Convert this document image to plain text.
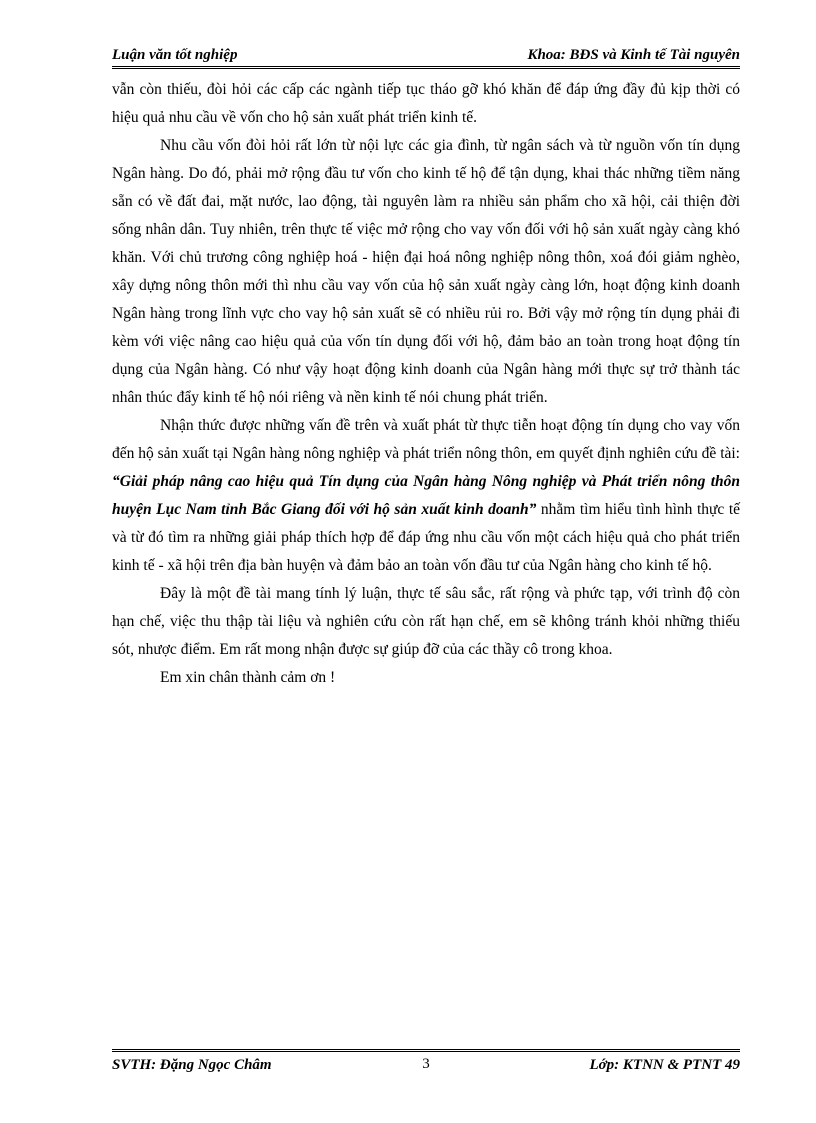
Luận văn tốt nghiệp	Khoa: BĐS và Kinh tế Tài nguyên

vẫn còn thiếu, đòi hỏi các cấp các ngành tiếp tục tháo gỡ khó khăn để đáp ứng đầy đủ kịp thời có hiệu quả nhu cầu về vốn cho hộ sản xuất phát triển kinh tế.

Nhu cầu vốn đòi hỏi rất lớn từ nội lực các gia đình, từ ngân sách và từ nguồn vốn tín dụng Ngân hàng. Do đó, phải mở rộng đầu tư vốn cho kinh tế hộ để tận dụng, khai thác những tiềm năng sẵn có về đất đai, mặt nước, lao động, tài nguyên làm ra nhiều sản phẩm cho xã hội, cải thiện đời sống nhân dân. Tuy nhiên, trên thực tế việc mở rộng cho vay vốn đối với hộ sản xuất ngày càng khó khăn. Với chủ trương công nghiệp hoá - hiện đại hoá nông nghiệp nông thôn, xoá đói giảm nghèo, xây dựng nông thôn mới thì nhu cầu vay vốn của hộ sản xuất ngày càng lớn, hoạt động kinh doanh Ngân hàng trong lĩnh vực cho vay hộ sản xuất sẽ có nhiều rủi ro. Bởi vậy mở rộng tín dụng phải đi kèm với việc nâng cao hiệu quả của vốn tín dụng đối với hộ, đảm bảo an toàn trong hoạt động tín dụng của Ngân hàng. Có như vậy hoạt động kinh doanh của Ngân hàng mới thực sự trở thành tác nhân thúc đẩy kinh tế hộ nói riêng và nền kinh tế nói chung phát triển.

Nhận thức được những vấn đề trên và xuất phát từ thực tiễn hoạt động tín dụng cho vay vốn đến hộ sản xuất tại Ngân hàng nông nghiệp và phát triển nông thôn, em quyết định nghiên cứu đề tài: “Giải pháp nâng cao hiệu quả Tín dụng của Ngân hàng Nông nghiệp và Phát triển nông thôn huyện Lục Nam tỉnh Bắc Giang đối với hộ sản xuất kinh doanh” nhằm tìm hiểu tình hình thực tế và từ đó tìm ra những giải pháp thích hợp để đáp ứng nhu cầu vốn một cách hiệu quả cho phát triển kinh tế - xã hội trên địa bàn huyện và đảm bảo an toàn vốn đầu tư của Ngân hàng cho kinh tế hộ.

Đây là một đề tài mang tính lý luận, thực tế sâu sắc, rất rộng và phức tạp, với trình độ còn hạn chế, việc thu thập tài liệu và nghiên cứu còn rất hạn chế, em sẽ không tránh khỏi những thiếu sót, nhược điểm. Em rất mong nhận được sự giúp đỡ của các thầy cô trong khoa.

Em xin chân thành cảm ơn !

SVTH: Đặng Ngọc Châm	3	Lớp: KTNN & PTNT 49
